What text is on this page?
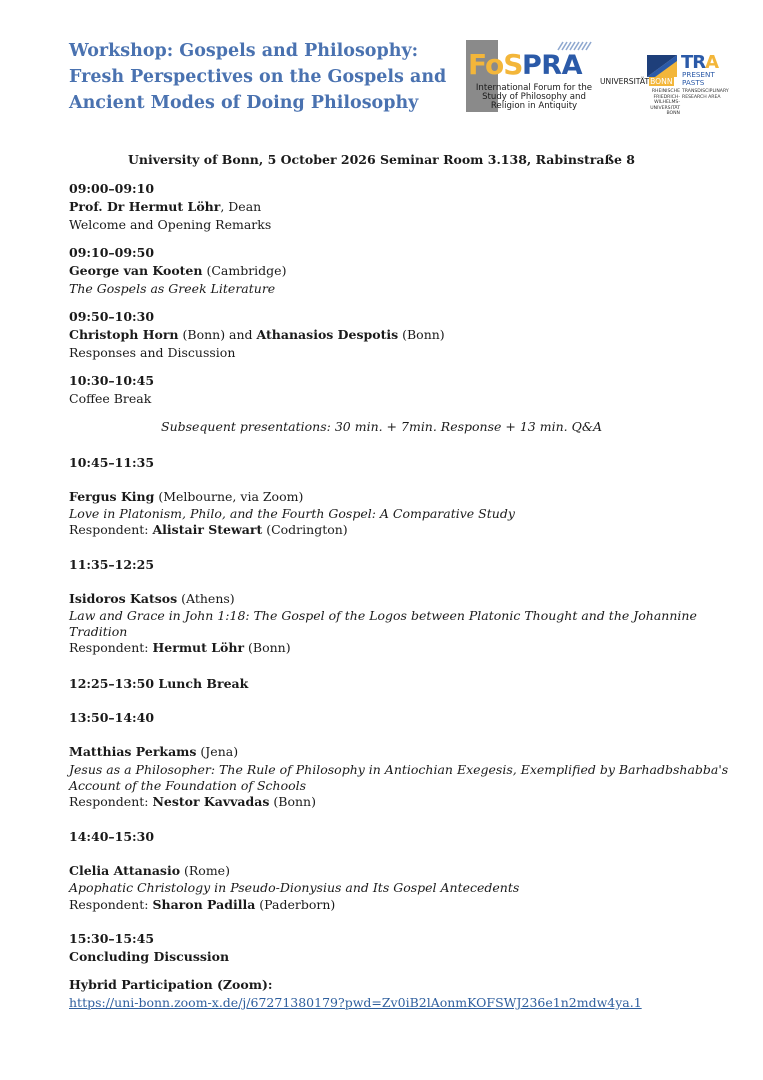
Workshop: Gospels and Philosophy:
Fresh Perspectives on the Gospels and
Ancient Modes of Doing Philosophy
FoS PRA
International Forum for the
Study of Philosophy and
Religion in Antiquity
UNIVERSITÄTBONN
RHEINISCHE
FRIEDRICH-WILHELMS-
UNIVERSITÄT BONN
TRA
PRESENT
PASTS
TRANSDISCIPLINARY
RESEARCH AREA
University of Bonn, 5 October 2026 Seminar Room 3.138, Rabinstraße 8
09:00–09:10
Prof. Dr Hermut Löhr, Dean
Welcome and Opening Remarks
09:10–09:50
George van Kooten (Cambridge)
The Gospels as Greek Literature
09:50–10:30
Christoph Horn (Bonn) and Athanasios Despotis (Bonn)
Responses and Discussion
10:30–10:45
Coffee Break
Subsequent presentations: 30 min. + 7min. Response + 13 min. Q&A
10:45–11:35
Fergus King (Melbourne, via Zoom)
Love in Platonism, Philo, and the Fourth Gospel: A Comparative Study
Respondent: Alistair Stewart (Codrington)
11:35–12:25
Isidoros Katsos (Athens)
Law and Grace in John 1:18: The Gospel of the Logos between Platonic Thought and the Johannine
Tradition
Respondent: Hermut Löhr (Bonn)
12:25–13:50 Lunch Break
13:50–14:40
Matthias Perkams (Jena)
Jesus as a Philosopher: The Rule of Philosophy in Antiochian Exegesis, Exemplified by Barhadbshabba's
Account of the Foundation of Schools
Respondent: Nestor Kavvadas (Bonn)
14:40–15:30
Clelia Attanasio (Rome)
Apophatic Christology in Pseudo-Dionysius and Its Gospel Antecedents
Respondent: Sharon Padilla (Paderborn)
15:30–15:45
Concluding Discussion
Hybrid Participation (Zoom):
https://uni-bonn.zoom-x.de/j/67271380179?pwd=Zv0iB2lAonmKOFSWJ236e1n2mdw4ya.1
